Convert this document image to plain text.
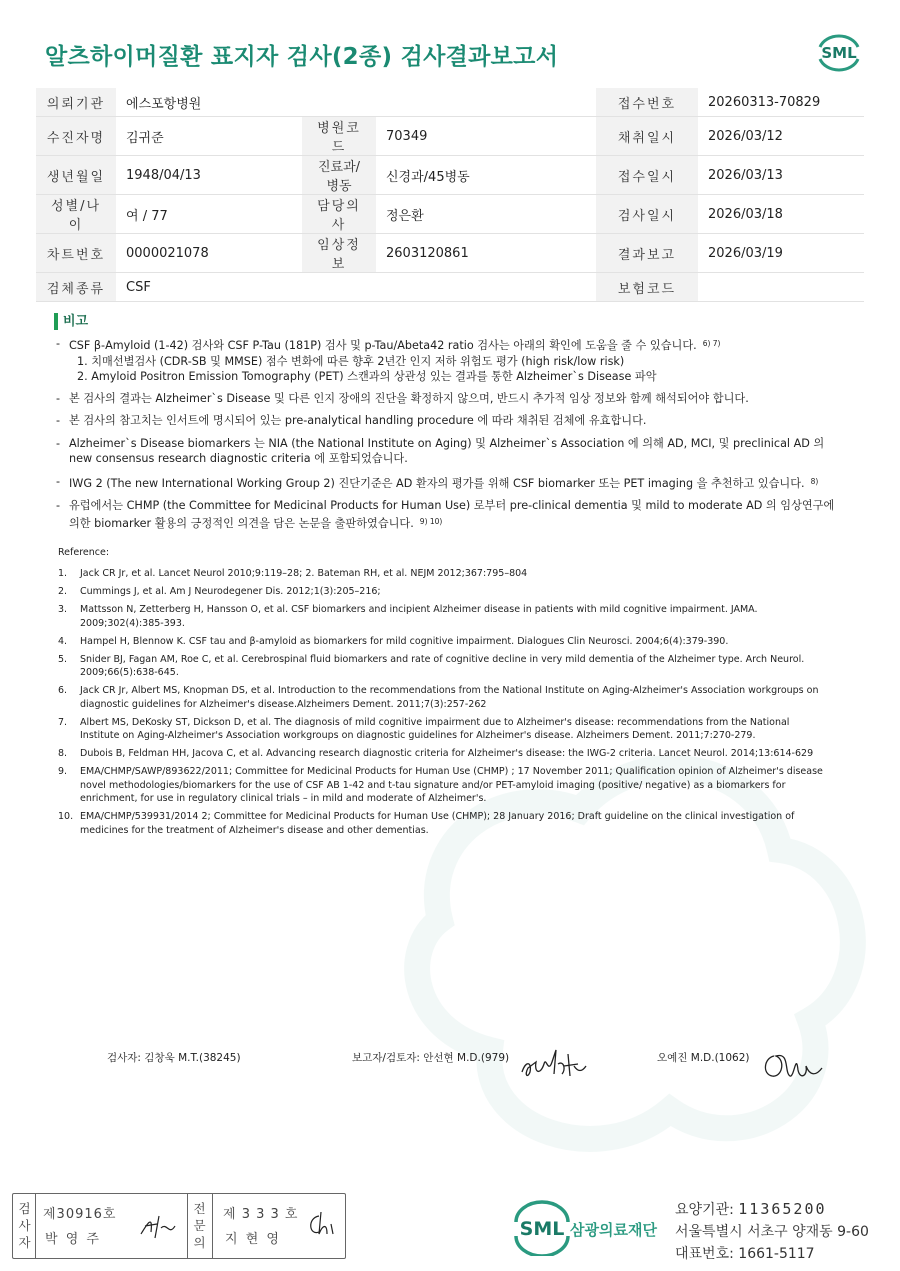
알츠하이머질환 표지자 검사(2종) 검사결과보고서	SML
의뢰기관	에스포항병원				접수번호	20260313-70829
수진자명	김귀준	병원코드	70349		채취일시	2026/03/12
생년월일	1948/04/13	진료과/병동	신경과/45병동		접수일시	2026/03/13
성별/나이	여 / 77	담당의사	정은환		검사일시	2026/03/18
차트번호	0000021078	임상정보	2603120861		결과보고	2026/03/19
검체종류	CSF				보험코드	
비고
- CSF β-Amyloid (1-42) 검사와 CSF P-Tau (181P) 검사 및 p-Tau/Abeta42 ratio 검사는 아래의 확인에 도움을 줄 수 있습니다. $^{6) 7)}$
1. 치매선별검사 (CDR-SB 및 MMSE) 점수 변화에 따른 향후 2년간 인지 저하 위험도 평가 (high risk/low risk)
2. Amyloid Positron Emission Tomography (PET) 스캔과의 상관성 있는 결과를 통한 Alzheimer`s Disease 파악
- 본 검사의 결과는 Alzheimer`s Disease 및 다른 인지 장애의 진단을 확정하지 않으며, 반드시 추가적 임상 정보와 함께 해석되어야 합니다.
- 본 검사의 참고치는 인서트에 명시되어 있는 pre-analytical handling procedure 에 따라 채취된 검체에 유효합니다.
- Alzheimer`s Disease biomarkers 는 NIA (the National Institute on Aging) 및 Alzheimer`s Association 에 의해 AD, MCI, 및 preclinical AD 의 new consensus research diagnostic criteria 에 포함되었습니다.
- IWG 2 (The new International Working Group 2) 진단기준은 AD 환자의 평가를 위해 CSF biomarker 또는 PET imaging 을 추천하고 있습니다. $^{8)}$
- 유럽에서는 CHMP (the Committee for Medicinal Products for Human Use) 로부터 pre-clinical dementia 및 mild to moderate AD 의 임상연구에 의한 biomarker 활용의 긍정적인 의견을 담은 논문을 출판하였습니다. $^{9) 10)}$
Reference:
1. Jack CR Jr, et al. Lancet Neurol 2010;9:119–28; 2. Bateman RH, et al. NEJM 2012;367:795–804
2. Cummings J, et al. Am J Neurodegener Dis. 2012;1(3):205–216;
3. Mattsson N, Zetterberg H, Hansson O, et al. CSF biomarkers and incipient Alzheimer disease in patients with mild cognitive impairment. JAMA. 2009;302(4):385-393.
4. Hampel H, Blennow K. CSF tau and β-amyloid as biomarkers for mild cognitive impairment. Dialogues Clin Neurosci. 2004;6(4):379-390.
5. Snider BJ, Fagan AM, Roe C, et al. Cerebrospinal fluid biomarkers and rate of cognitive decline in very mild dementia of the Alzheimer type. Arch Neurol. 2009;66(5):638-645.
6. Jack CR Jr, Albert MS, Knopman DS, et al. Introduction to the recommendations from the National Institute on Aging-Alzheimer's Association workgroups on diagnostic guidelines for Alzheimer's disease.Alzheimers Dement. 2011;7(3):257-262
7. Albert MS, DeKosky ST, Dickson D, et al. The diagnosis of mild cognitive impairment due to Alzheimer's disease: recommendations from the National Institute on Aging-Alzheimer's Association workgroups on diagnostic guidelines for Alzheimer's disease. Alzheimers Dement. 2011;7:270-279.
8. Dubois B, Feldman HH, Jacova C, et al. Advancing research diagnostic criteria for Alzheimer's disease: the IWG-2 criteria. Lancet Neurol. 2014;13:614-629
9. EMA/CHMP/SAWP/893622/2011; Committee for Medicinal Products for Human Use (CHMP) ; 17 November 2011; Qualification opinion of Alzheimer's disease novel methodologies/biomarkers for the use of CSF AB 1-42 and t-tau signature and/or PET-amyloid imaging (positive/ negative) as a biomarkers for enrichment, for use in regulatory clinical trials – in mild and moderate of Alzheimer's.
10. EMA/CHMP/539931/2014 2; Committee for Medicinal Products for Human Use (CHMP); 28 January 2016; Draft guideline on the clinical investigation of medicines for the treatment of Alzheimer's disease and other dementias.
검사자: 김창욱 M.T.(38245)	보고자/검토자: 안선현 M.D.(979)	오예진 M.D.(1062)
검
사
자
제30916호
박 영 주
전
문
의
제 3 3 3 호
지 현 영	SML 삼광의료재단
요양기관: 11365200
서울특별시 서초구 양재동 9-60
대표번호: 1661-5117
